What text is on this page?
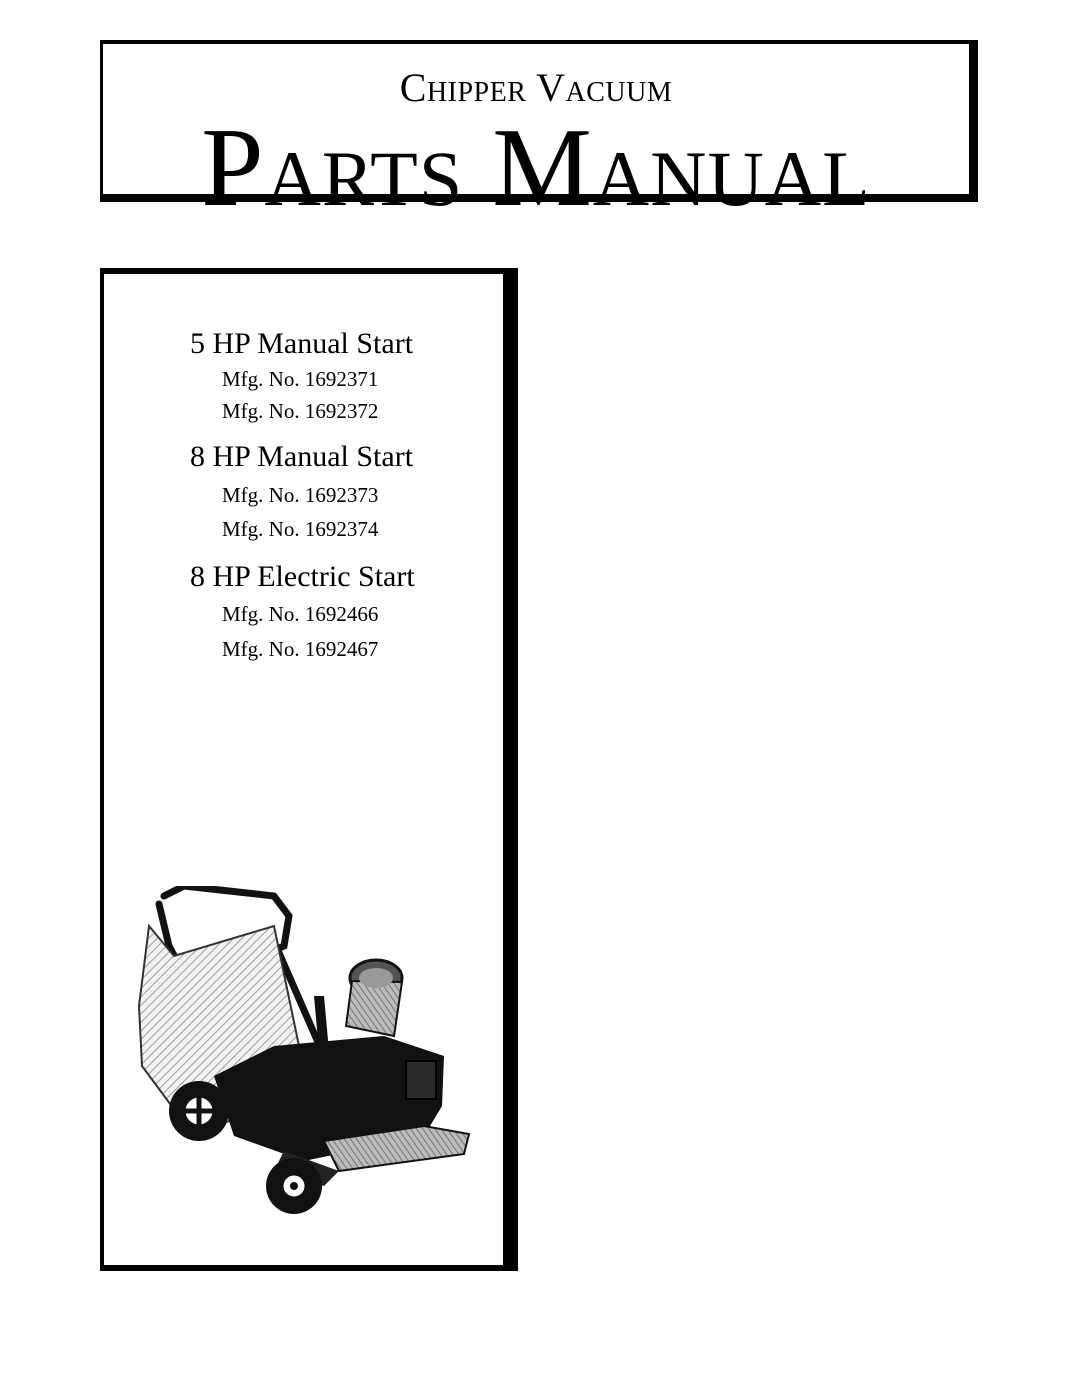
Chipper Vacuum
Parts Manual
5 HP Manual Start
Mfg. No. 1692371
Mfg. No. 1692372
8 HP Manual Start
Mfg. No. 1692373
Mfg. No. 1692374
8 HP Electric Start
Mfg. No. 1692466
Mfg. No. 1692467
